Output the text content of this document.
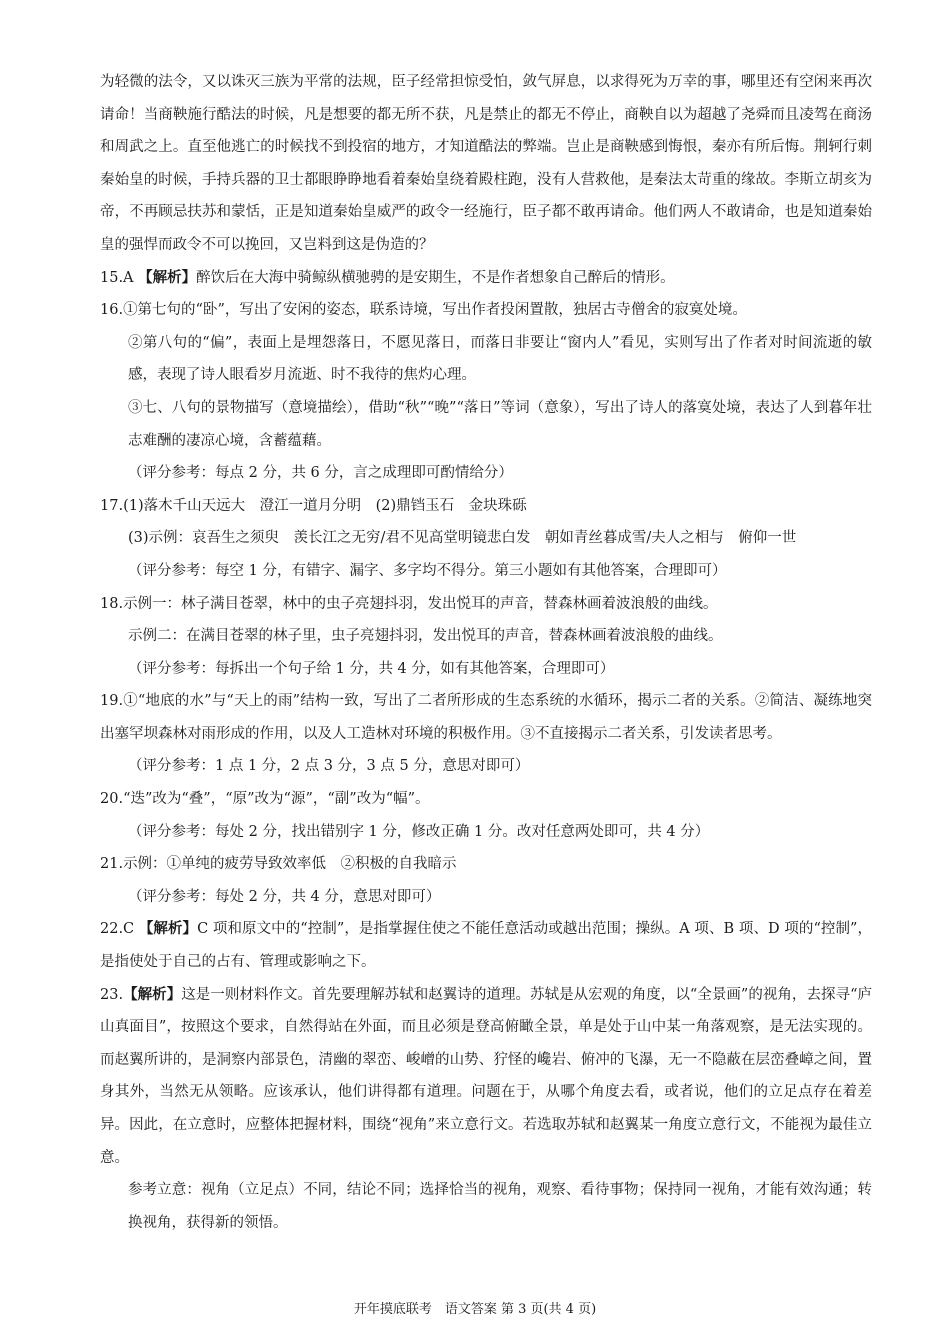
为轻微的法令，又以诛灭三族为平常的法规，臣子经常担惊受怕，敛气屏息，以求得死为万幸的事，哪里还有空闲来再次请命！当商鞅施行酷法的时候，凡是想要的都无所不获，凡是禁止的都无不停止，商鞅自以为超越了尧舜而且凌驾在商汤和周武之上。直至他逃亡的时候找不到投宿的地方，才知道酷法的弊端。岂止是商鞅感到悔恨，秦亦有所后悔。荆轲行刺秦始皇的时候，手持兵器的卫士都眼睁睁地看着秦始皇绕着殿柱跑，没有人营救他，是秦法太苛重的缘故。李斯立胡亥为帝，不再顾忌扶苏和蒙恬，正是知道秦始皇威严的政令一经施行，臣子都不敢再请命。他们两人不敢请命，也是知道秦始皇的强悍而政令不可以挽回，又岂料到这是伪造的？

15.A 【解析】醉饮后在大海中骑鲸纵横驰骋的是安期生，不是作者想象自己醉后的情形。

16.①第七句的“卧”，写出了安闲的姿态，联系诗境，写出作者投闲置散，独居古寺僧舍的寂寞处境。

②第八句的“偏”，表面上是埋怨落日，不愿见落日，而落日非要让“窗内人”看见，实则写出了作者对时间流逝的敏感，表现了诗人眼看岁月流逝、时不我待的焦灼心理。

③七、八句的景物描写（意境描绘），借助“秋”“晚”“落日”等词（意象），写出了诗人的落寞处境，表达了人到暮年壮志难酬的凄凉心境，含蓄蕴藉。

（评分参考：每点 2 分，共 6 分，言之成理即可酌情给分）

17.(1)落木千山天远大　澄江一道月分明　(2)鼎铛玉石　金块珠砾

(3)示例：哀吾生之须臾　羡长江之无穷/君不见高堂明镜悲白发　朝如青丝暮成雪/夫人之相与　俯仰一世

（评分参考：每空 1 分，有错字、漏字、多字均不得分。第三小题如有其他答案，合理即可）

18.示例一：林子满目苍翠，林中的虫子亮翅抖羽，发出悦耳的声音，替森林画着波浪般的曲线。

示例二：在满目苍翠的林子里，虫子亮翅抖羽，发出悦耳的声音，替森林画着波浪般的曲线。

（评分参考：每拆出一个句子给 1 分，共 4 分，如有其他答案，合理即可）

19.①“地底的水”与“天上的雨”结构一致，写出了二者所形成的生态系统的水循环，揭示二者的关系。②简洁、凝练地突出塞罕坝森林对雨形成的作用，以及人工造林对环境的积极作用。③不直接揭示二者关系，引发读者思考。

（评分参考：1 点 1 分，2 点 3 分，3 点 5 分，意思对即可）

20.“迭”改为“叠”，“原”改为“源”，“副”改为“幅”。

（评分参考：每处 2 分，找出错别字 1 分，修改正确 1 分。改对任意两处即可，共 4 分）

21.示例：①单纯的疲劳导致效率低　②积极的自我暗示

（评分参考：每处 2 分，共 4 分，意思对即可）

22.C 【解析】C 项和原文中的“控制”，是指掌握住使之不能任意活动或越出范围；操纵。A 项、B 项、D 项的“控制”，是指使处于自己的占有、管理或影响之下。

23.【解析】这是一则材料作文。首先要理解苏轼和赵翼诗的道理。苏轼是从宏观的角度，以“全景画”的视角，去探寻“庐山真面目”，按照这个要求，自然得站在外面，而且必须是登高俯瞰全景，单是处于山中某一角落观察，是无法实现的。而赵翼所讲的，是洞察内部景色，清幽的翠峦、峻嶒的山势、狞怪的巉岩、俯冲的飞瀑，无一不隐蔽在层峦叠嶂之间，置身其外，当然无从领略。应该承认，他们讲得都有道理。问题在于，从哪个角度去看，或者说，他们的立足点存在着差异。因此，在立意时，应整体把握材料，围绕“视角”来立意行文。若选取苏轼和赵翼某一角度立意行文，不能视为最佳立意。

参考立意：视角（立足点）不同，结论不同；选择恰当的视角，观察、看待事物；保持同一视角，才能有效沟通；转换视角，获得新的领悟。

开年摸底联考　语文答案 第 3 页(共 4 页)
